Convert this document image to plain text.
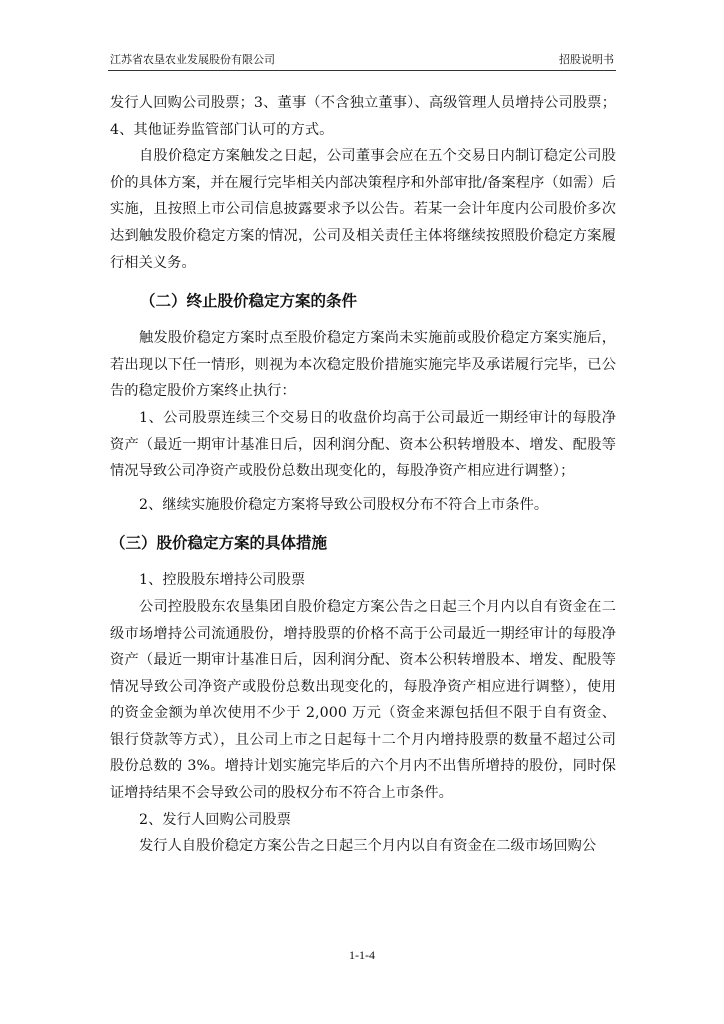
江苏省农垦农业发展股份有限公司	招股说明书

发行人回购公司股票；3、董事（不含独立董事）、高级管理人员增持公司股票；4、其他证券监管部门认可的方式。

自股价稳定方案触发之日起，公司董事会应在五个交易日内制订稳定公司股价的具体方案，并在履行完毕相关内部决策程序和外部审批/备案程序（如需）后实施，且按照上市公司信息披露要求予以公告。若某一会计年度内公司股价多次达到触发股价稳定方案的情况，公司及相关责任主体将继续按照股价稳定方案履行相关义务。

（二）终止股价稳定方案的条件

触发股价稳定方案时点至股价稳定方案尚未实施前或股价稳定方案实施后，若出现以下任一情形，则视为本次稳定股价措施实施完毕及承诺履行完毕，已公告的稳定股价方案终止执行：

1、公司股票连续三个交易日的收盘价均高于公司最近一期经审计的每股净资产（最近一期审计基准日后，因利润分配、资本公积转增股本、增发、配股等情况导致公司净资产或股份总数出现变化的，每股净资产相应进行调整）；

2、继续实施股价稳定方案将导致公司股权分布不符合上市条件。

（三）股价稳定方案的具体措施

1、控股股东增持公司股票

公司控股股东农垦集团自股价稳定方案公告之日起三个月内以自有资金在二级市场增持公司流通股份，增持股票的价格不高于公司最近一期经审计的每股净资产（最近一期审计基准日后，因利润分配、资本公积转增股本、增发、配股等情况导致公司净资产或股份总数出现变化的，每股净资产相应进行调整），使用的资金金额为单次使用不少于 2,000 万元（资金来源包括但不限于自有资金、银行贷款等方式），且公司上市之日起每十二个月内增持股票的数量不超过公司股份总数的 3%。增持计划实施完毕后的六个月内不出售所增持的股份，同时保证增持结果不会导致公司的股权分布不符合上市条件。

2、发行人回购公司股票

发行人自股价稳定方案公告之日起三个月内以自有资金在二级市场回购公

1-1-4
